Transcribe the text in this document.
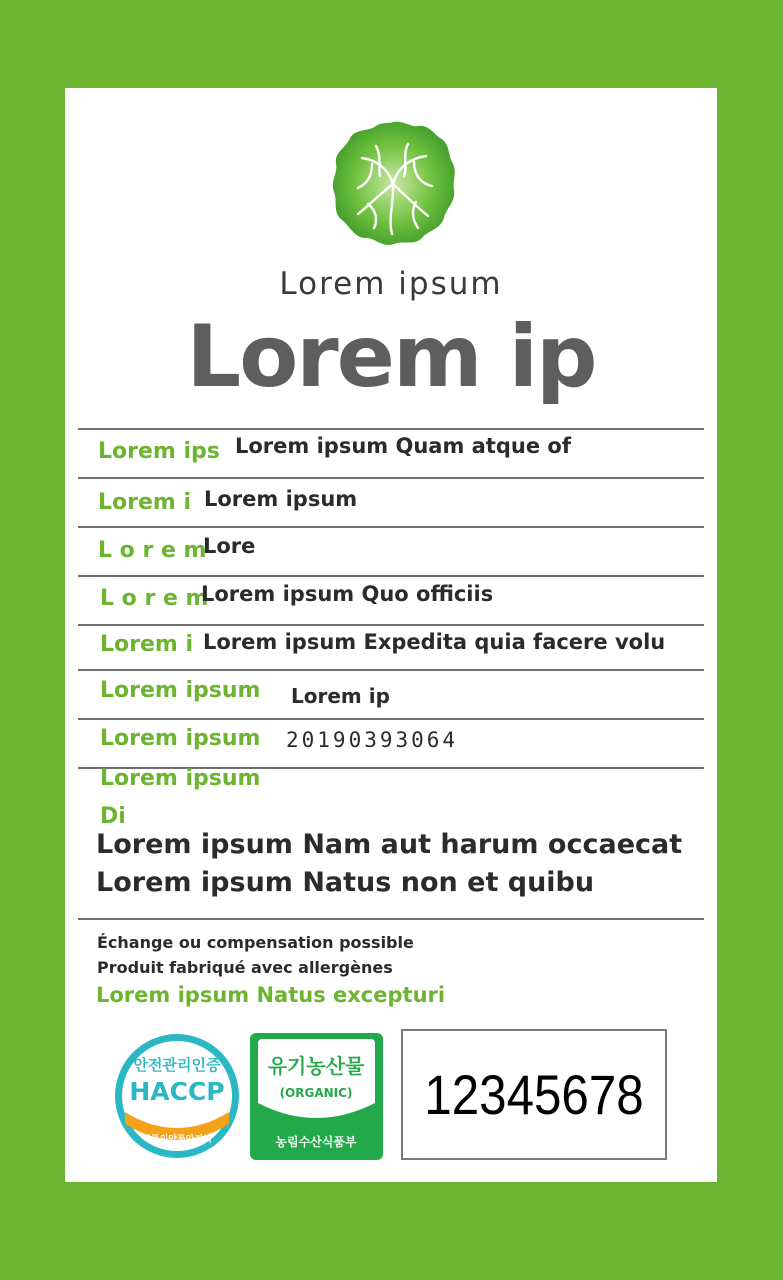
Lorem ipsum
Lorem ip
Lorem ips Lorem ipsum Quam atque of
Lorem i Lorem ipsum
L o r e m
Lore
L o r e m
Lorem ipsum Quo officiis
Lorem i Lorem ipsum Expedita quia facere volu
Lorem ipsum Lorem ip
Lorem ipsum 20190393064
Lorem ipsum
Di
Lorem ipsum Nam aut harum occaecat
Lorem ipsum Natus non et quibu
Échange ou compensation possible
Produit fabriqué avec allergènes
Lorem ipsum Natus excepturi
안전관리인증
HACCP
식품의약품안전처
유기농산물
(ORGANIC)
농림수산식품부
12345678
